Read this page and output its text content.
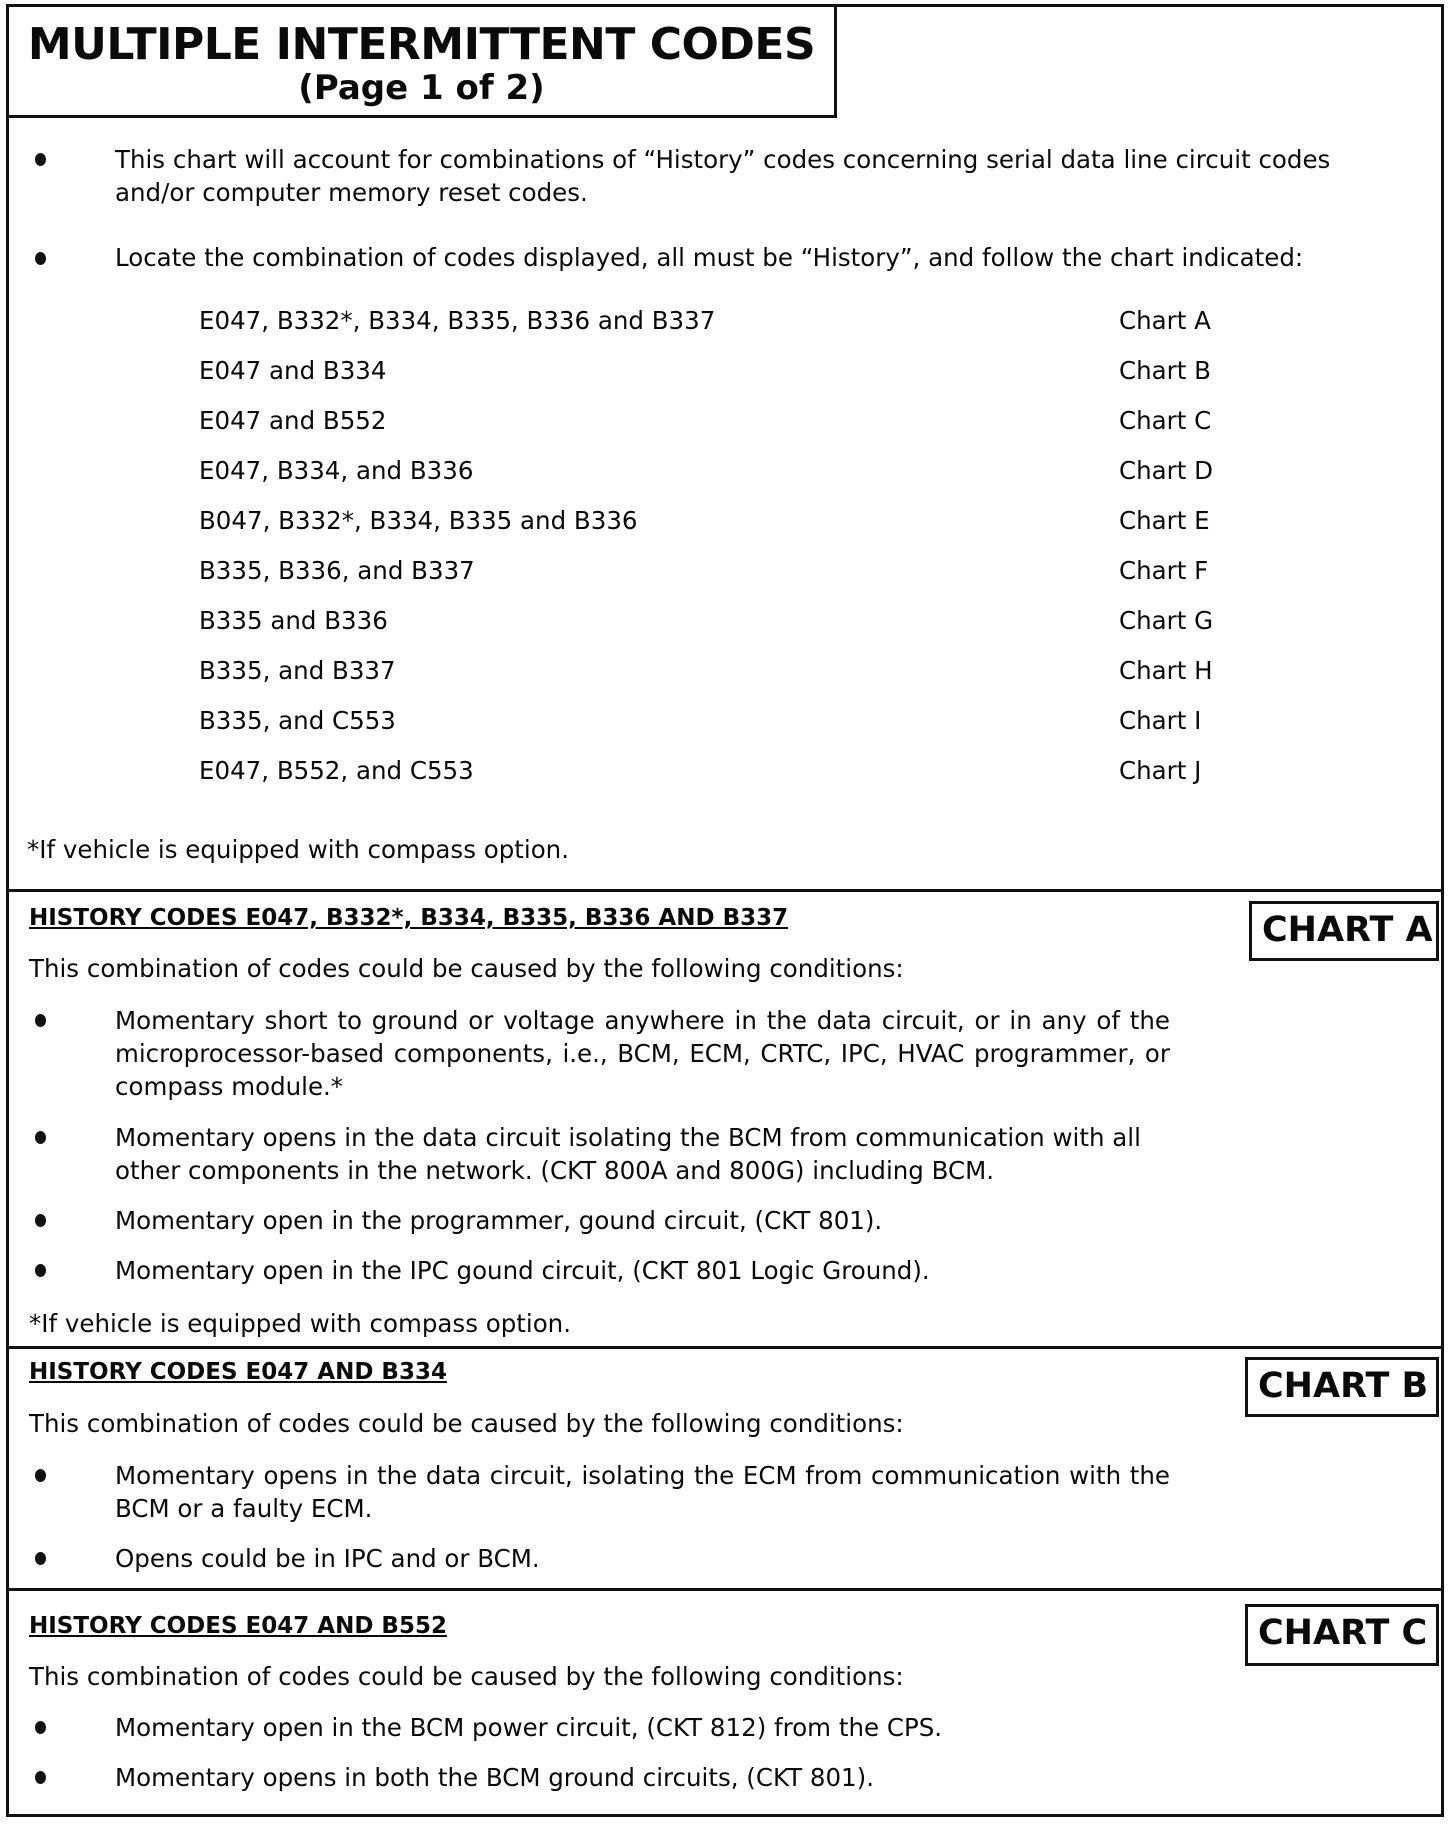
MULTIPLE INTERMITTENT CODES
(Page 1 of 2)
This chart will account for combinations of “History” codes concerning serial data line circuit codes and/or computer memory reset codes.
Locate the combination of codes displayed, all must be “History”, and follow the chart indicated:
E047, B332*, B334, B335, B336 and B337	Chart A
E047 and B334	Chart B
E047 and B552	Chart C
E047, B334, and B336	Chart D
B047, B332*, B334, B335 and B336	Chart E
B335, B336, and B337	Chart F
B335 and B336	Chart G
B335, and B337	Chart H
B335, and C553	Chart I
E047, B552, and C553	Chart J
*If vehicle is equipped with compass option.
HISTORY CODES E047, B332*, B334, B335, B336 AND B337	CHART A
This combination of codes could be caused by the following conditions:
Momentary short to ground or voltage anywhere in the data circuit, or in any of the microprocessor-based components, i.e., BCM, ECM, CRTC, IPC, HVAC programmer, or compass module.*
Momentary opens in the data circuit isolating the BCM from communication with all other components in the network. (CKT 800A and 800G) including BCM.
Momentary open in the programmer, gound circuit, (CKT 801).
Momentary open in the IPC gound circuit, (CKT 801 Logic Ground).
*If vehicle is equipped with compass option.
HISTORY CODES E047 AND B334	CHART B
This combination of codes could be caused by the following conditions:
Momentary opens in the data circuit, isolating the ECM from communication with the BCM or a faulty ECM.
Opens could be in IPC and or BCM.
HISTORY CODES E047 AND B552	CHART C
This combination of codes could be caused by the following conditions:
Momentary open in the BCM power circuit, (CKT 812) from the CPS.
Momentary opens in both the BCM ground circuits, (CKT 801).
